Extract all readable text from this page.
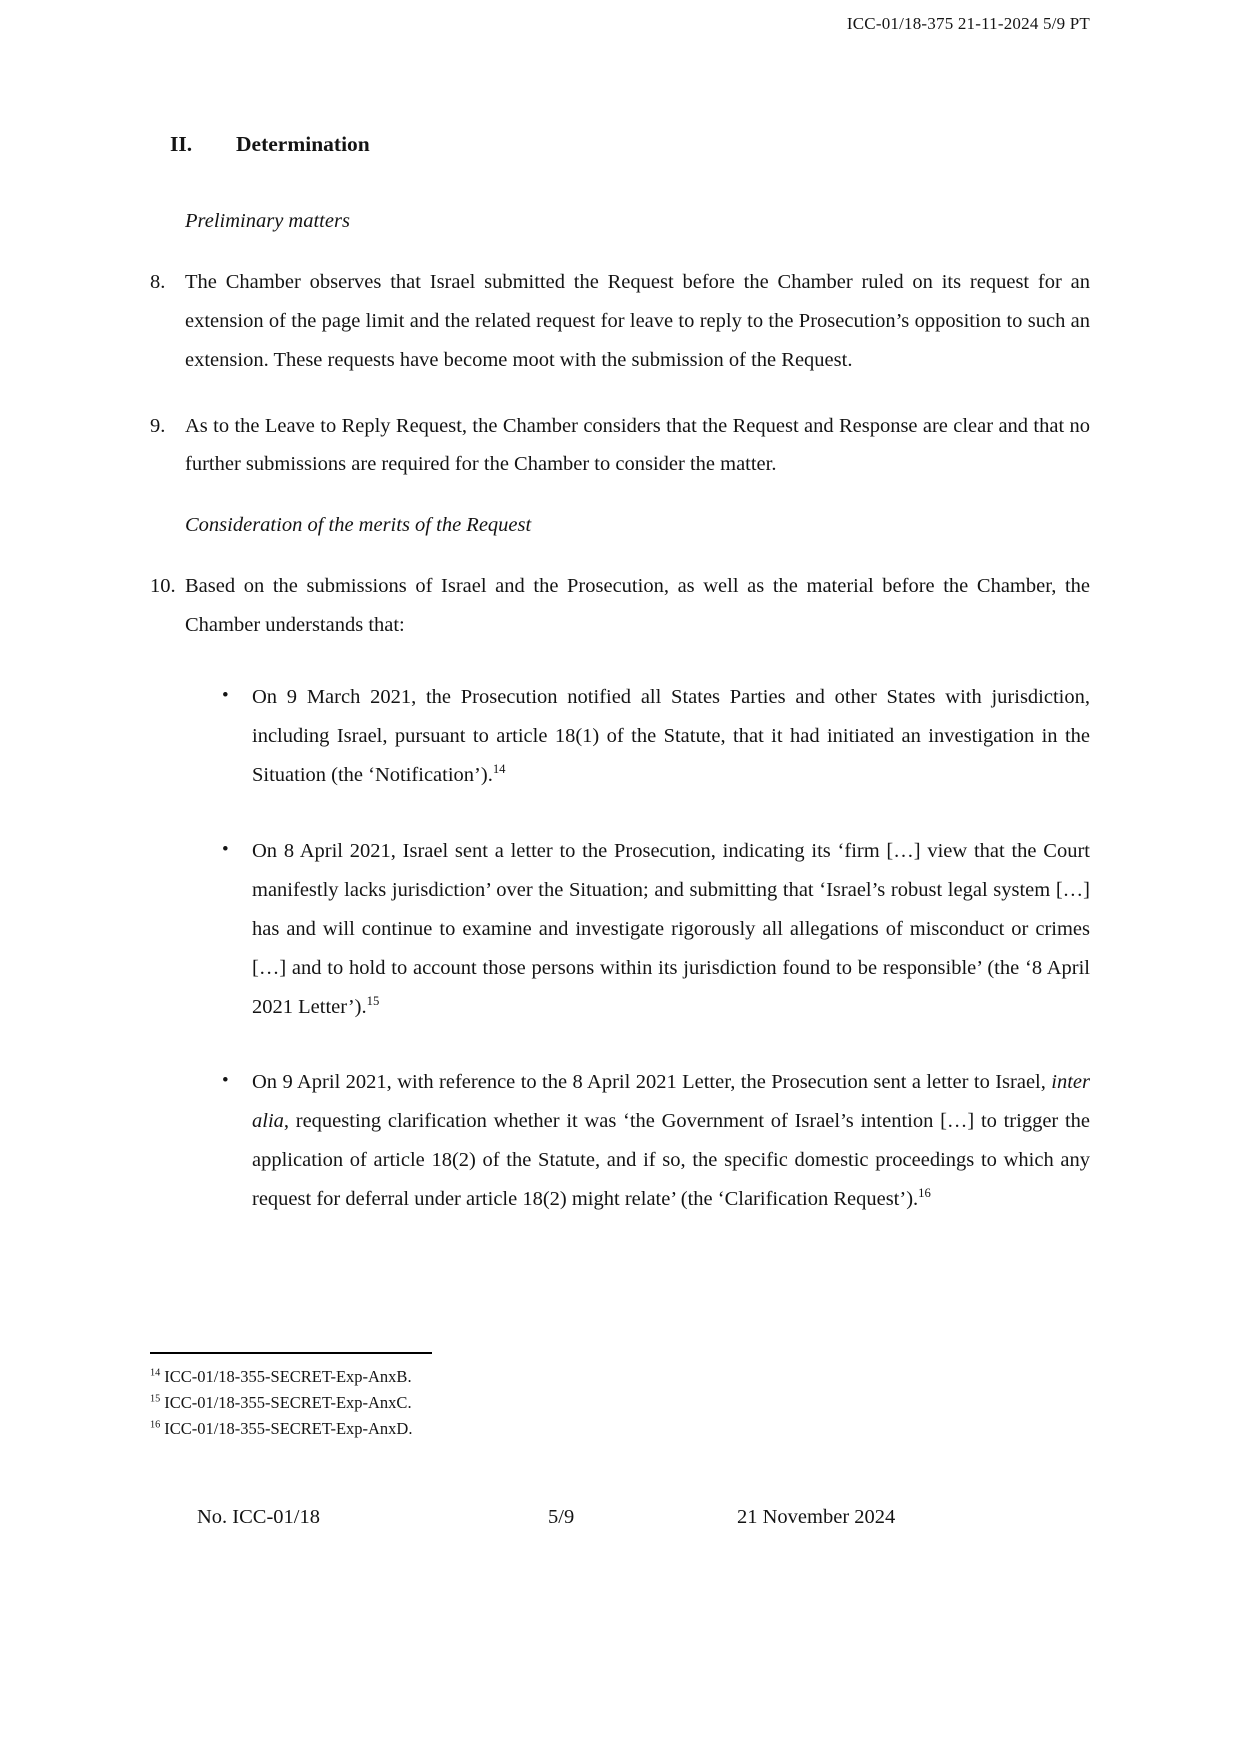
ICC-01/18-375 21-11-2024 5/9 PT
II.	Determination
Preliminary matters
8. The Chamber observes that Israel submitted the Request before the Chamber ruled on its request for an extension of the page limit and the related request for leave to reply to the Prosecution’s opposition to such an extension. These requests have become moot with the submission of the Request.
9. As to the Leave to Reply Request, the Chamber considers that the Request and Response are clear and that no further submissions are required for the Chamber to consider the matter.
Consideration of the merits of the Request
10. Based on the submissions of Israel and the Prosecution, as well as the material before the Chamber, the Chamber understands that:
•	On 9 March 2021, the Prosecution notified all States Parties and other States with jurisdiction, including Israel, pursuant to article 18(1) of the Statute, that it had initiated an investigation in the Situation (the ‘Notification’).$^{14}$
•	On 8 April 2021, Israel sent a letter to the Prosecution, indicating its ‘firm […] view that the Court manifestly lacks jurisdiction’ over the Situation; and submitting that ‘Israel’s robust legal system […] has and will continue to examine and investigate rigorously all allegations of misconduct or crimes […] and to hold to account those persons within its jurisdiction found to be responsible’ (the ‘8 April 2021 Letter’).$^{15}$
•	On 9 April 2021, with reference to the 8 April 2021 Letter, the Prosecution sent a letter to Israel, inter alia, requesting clarification whether it was ‘the Government of Israel’s intention […] to trigger the application of article 18(2) of the Statute, and if so, the specific domestic proceedings to which any request for deferral under article 18(2) might relate’ (the ‘Clarification Request’).$^{16}$
$^{14}$ ICC-01/18-355-SECRET-Exp-AnxB.
$^{15}$ ICC-01/18-355-SECRET-Exp-AnxC.
$^{16}$ ICC-01/18-355-SECRET-Exp-AnxD.
No. ICC-01/18	5/9	21 November 2024
